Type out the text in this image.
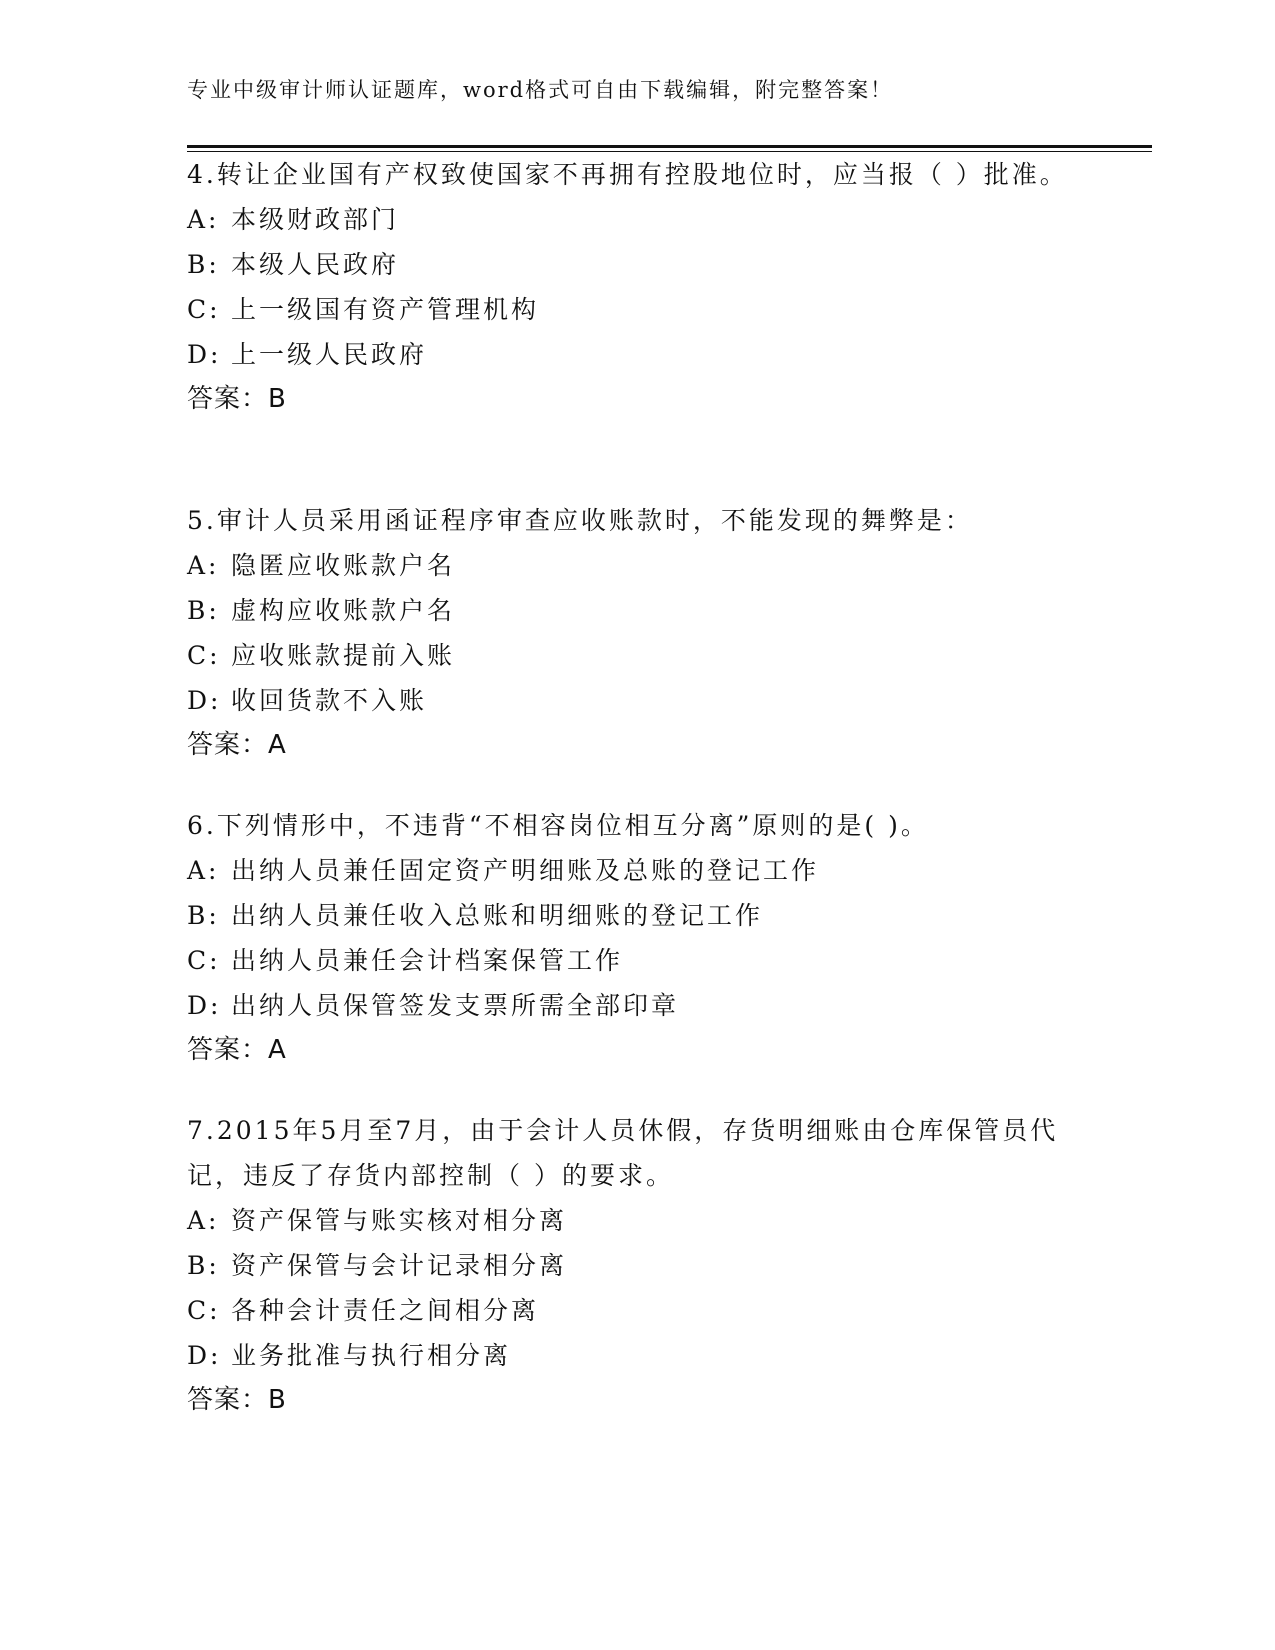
专业中级审计师认证题库，word格式可自由下载编辑，附完整答案！

4.转让企业国有产权致使国家不再拥有控股地位时，应当报（ ）批准。

A: 本级财政部门
B: 本级人民政府
C: 上一级国有资产管理机构
D: 上一级人民政府
答案：B

5.审计人员采用函证程序审查应收账款时，不能发现的舞弊是：

A: 隐匿应收账款户名
B: 虚构应收账款户名
C: 应收账款提前入账
D: 收回货款不入账
答案：A

6.下列情形中，不违背“不相容岗位相互分离”原则的是( )。

A: 出纳人员兼任固定资产明细账及总账的登记工作
B: 出纳人员兼任收入总账和明细账的登记工作
C: 出纳人员兼任会计档案保管工作
D: 出纳人员保管签发支票所需全部印章
答案：A

7.2015年5月至7月，由于会计人员休假，存货明细账由仓库保管员代记，违反了存货内部控制（ ）的要求。

A: 资产保管与账实核对相分离
B: 资产保管与会计记录相分离
C: 各种会计责任之间相分离
D: 业务批准与执行相分离
答案：B
